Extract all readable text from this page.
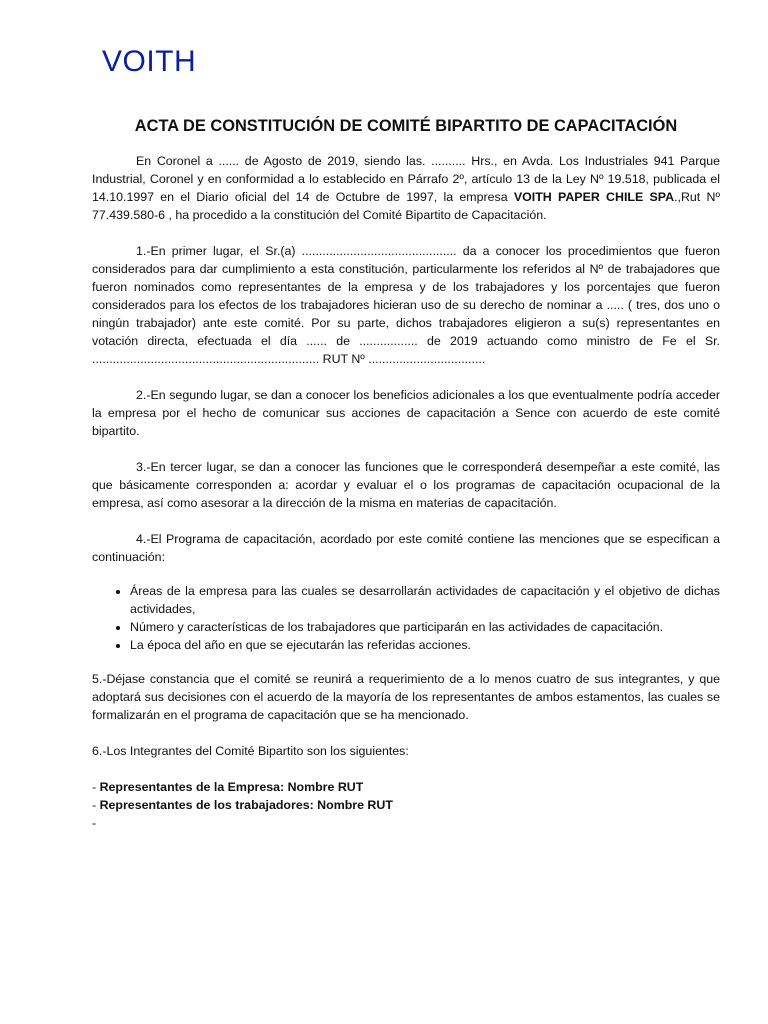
VOITH
ACTA DE CONSTITUCIÓN DE COMITÉ BIPARTITO DE CAPACITACIÓN

En Coronel a ...... de Agosto de 2019, siendo las. .......... Hrs., en Avda. Los Industriales 941 Parque Industrial, Coronel y en conformidad a lo establecido en Párrafo 2º, artículo 13 de la Ley Nº 19.518, publicada el 14.10.1997 en el Diario oficial del 14 de Octubre de 1997, la empresa VOITH PAPER CHILE SPA.,Rut Nº 77.439.580-6 , ha procedido a la constitución del Comité Bipartito de Capacitación.

1.-En primer lugar, el Sr.(a) ............................................. da a conocer los procedimientos que fueron considerados para dar cumplimiento a esta constitución, particularmente los referidos al Nº de trabajadores que fueron nominados como representantes de la empresa y de los trabajadores y los porcentajes que fueron considerados para los efectos de los trabajadores hicieran uso de su derecho de nominar a ..... ( tres, dos uno o ningún trabajador) ante este comité. Por su parte, dichos trabajadores eligieron a su(s) representantes en votación directa, efectuada el día ...... de ................. de 2019 actuando como ministro de Fe el Sr. .................................................................. RUT Nº ..................................

2.-En segundo lugar, se dan a conocer los beneficios adicionales a los que eventualmente podría acceder la empresa por el hecho de comunicar sus acciones de capacitación a Sence con acuerdo de este comité bipartito.

3.-En tercer lugar, se dan a conocer las funciones que le corresponderá desempeñar a este comité, las que básicamente corresponden a: acordar y evaluar el o los programas de capacitación ocupacional de la empresa, así como asesorar a la dirección de la misma en materias de capacitación.

4.-El Programa de capacitación, acordado por este comité contiene las menciones que se especifican a continuación:

• Áreas de la empresa para las cuales se desarrollarán actividades de capacitación y el objetivo de dichas actividades,
• Número y características de los trabajadores que participarán en las actividades de capacitación.
• La época del año en que se ejecutarán las referidas acciones.

5.-Déjase constancia que el comité se reunirá a requerimiento de a lo menos cuatro de sus integrantes, y que adoptará sus decisiones con el acuerdo de la mayoría de los representantes de ambos estamentos, las cuales se formalizarán en el programa de capacitación que se ha mencionado.

6.-Los Integrantes del Comité Bipartito son los siguientes:

- Representantes de la Empresa: Nombre RUT
- Representantes de los trabajadores: Nombre RUT
-
